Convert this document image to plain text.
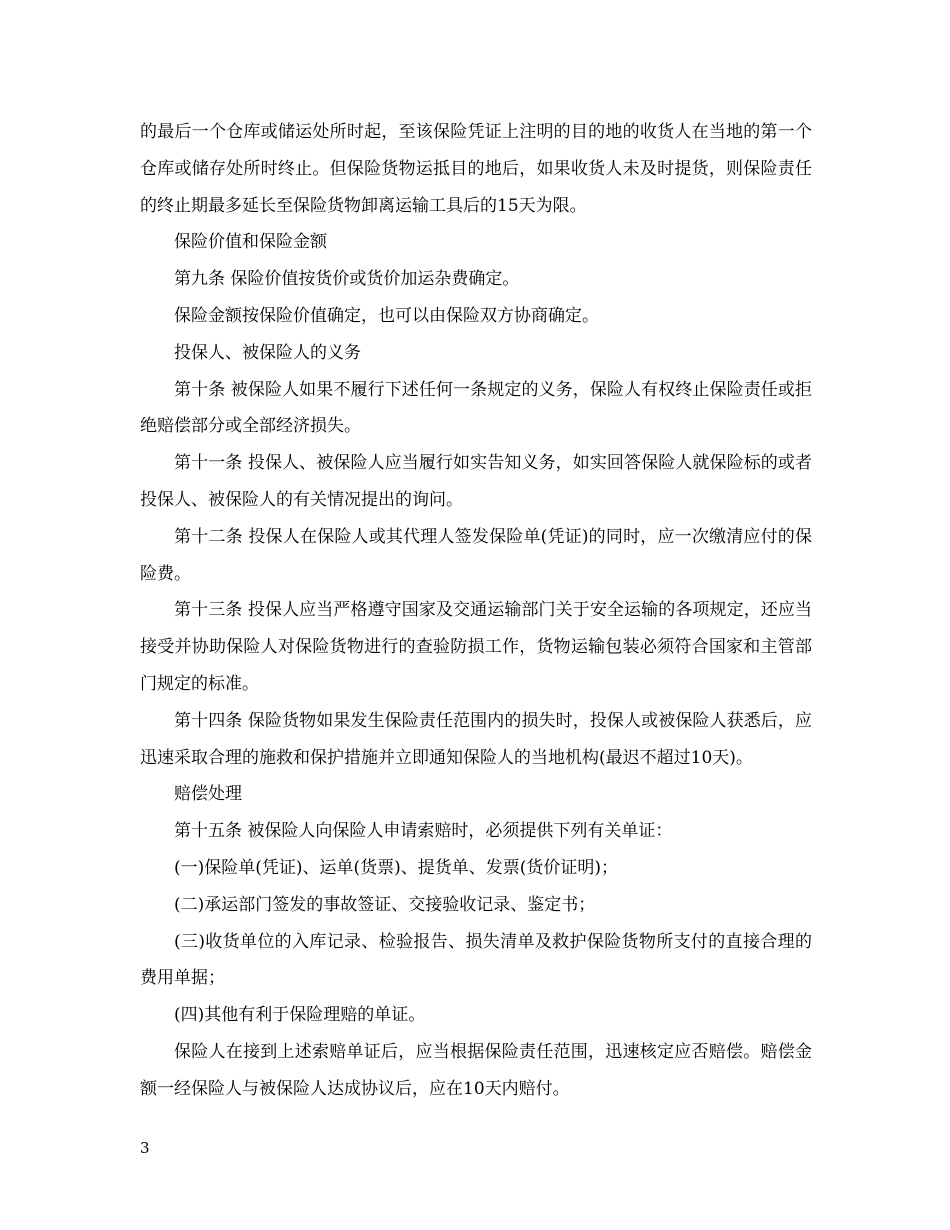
的最后一个仓库或储运处所时起，至该保险凭证上注明的目的地的收货人在当地的第一个仓库或储存处所时终止。但保险货物运抵目的地后，如果收货人未及时提货，则保险责任的终止期最多延长至保险货物卸离运输工具后的15天为限。

保险价值和保险金额

第九条 保险价值按货价或货价加运杂费确定。

保险金额按保险价值确定，也可以由保险双方协商确定。

投保人、被保险人的义务

第十条 被保险人如果不履行下述任何一条规定的义务，保险人有权终止保险责任或拒绝赔偿部分或全部经济损失。

第十一条 投保人、被保险人应当履行如实告知义务，如实回答保险人就保险标的或者投保人、被保险人的有关情况提出的询问。

第十二条 投保人在保险人或其代理人签发保险单(凭证)的同时，应一次缴清应付的保险费。

第十三条 投保人应当严格遵守国家及交通运输部门关于安全运输的各项规定，还应当接受并协助保险人对保险货物进行的查验防损工作，货物运输包装必须符合国家和主管部门规定的标准。

第十四条 保险货物如果发生保险责任范围内的损失时，投保人或被保险人获悉后，应迅速采取合理的施救和保护措施并立即通知保险人的当地机构(最迟不超过10天)。

赔偿处理

第十五条 被保险人向保险人申请索赔时，必须提供下列有关单证：

(一)保险单(凭证)、运单(货票)、提货单、发票(货价证明)；

(二)承运部门签发的事故签证、交接验收记录、鉴定书；

(三)收货单位的入库记录、检验报告、损失清单及救护保险货物所支付的直接合理的费用单据；

(四)其他有利于保险理赔的单证。

保险人在接到上述索赔单证后，应当根据保险责任范围，迅速核定应否赔偿。赔偿金额一经保险人与被保险人达成协议后，应在10天内赔付。

3
